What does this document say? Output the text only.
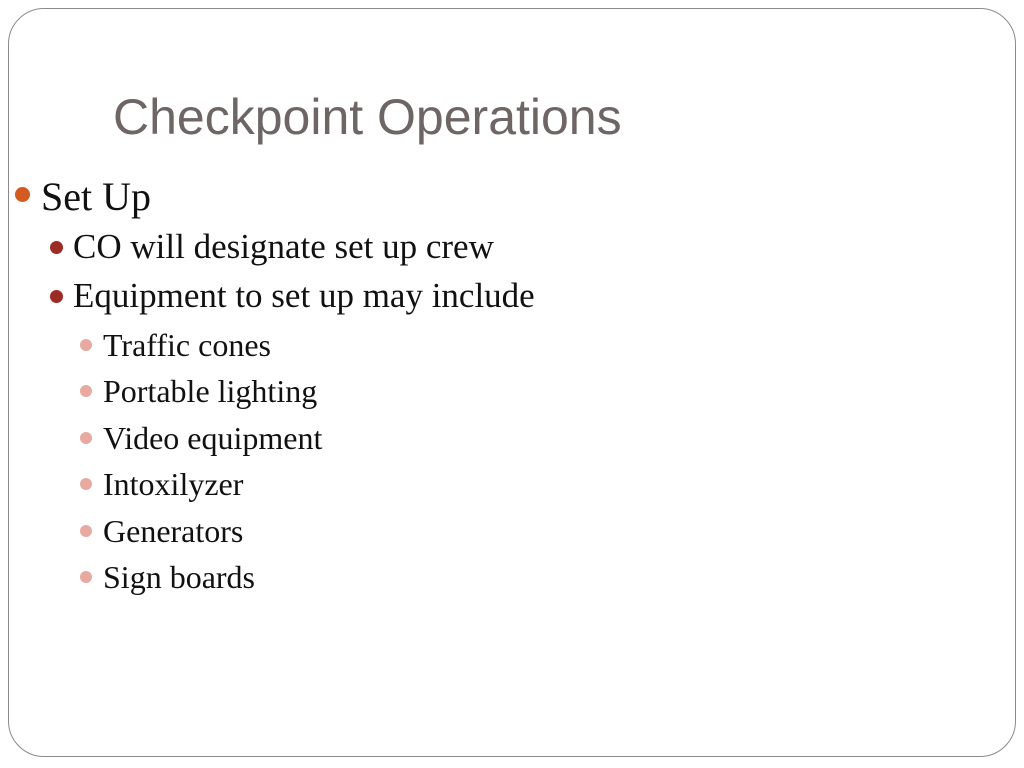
Checkpoint Operations
Set Up
CO will designate set up crew
Equipment to set up may include
Traffic cones
Portable lighting
Video equipment
Intoxilyzer
Generators
Sign boards
